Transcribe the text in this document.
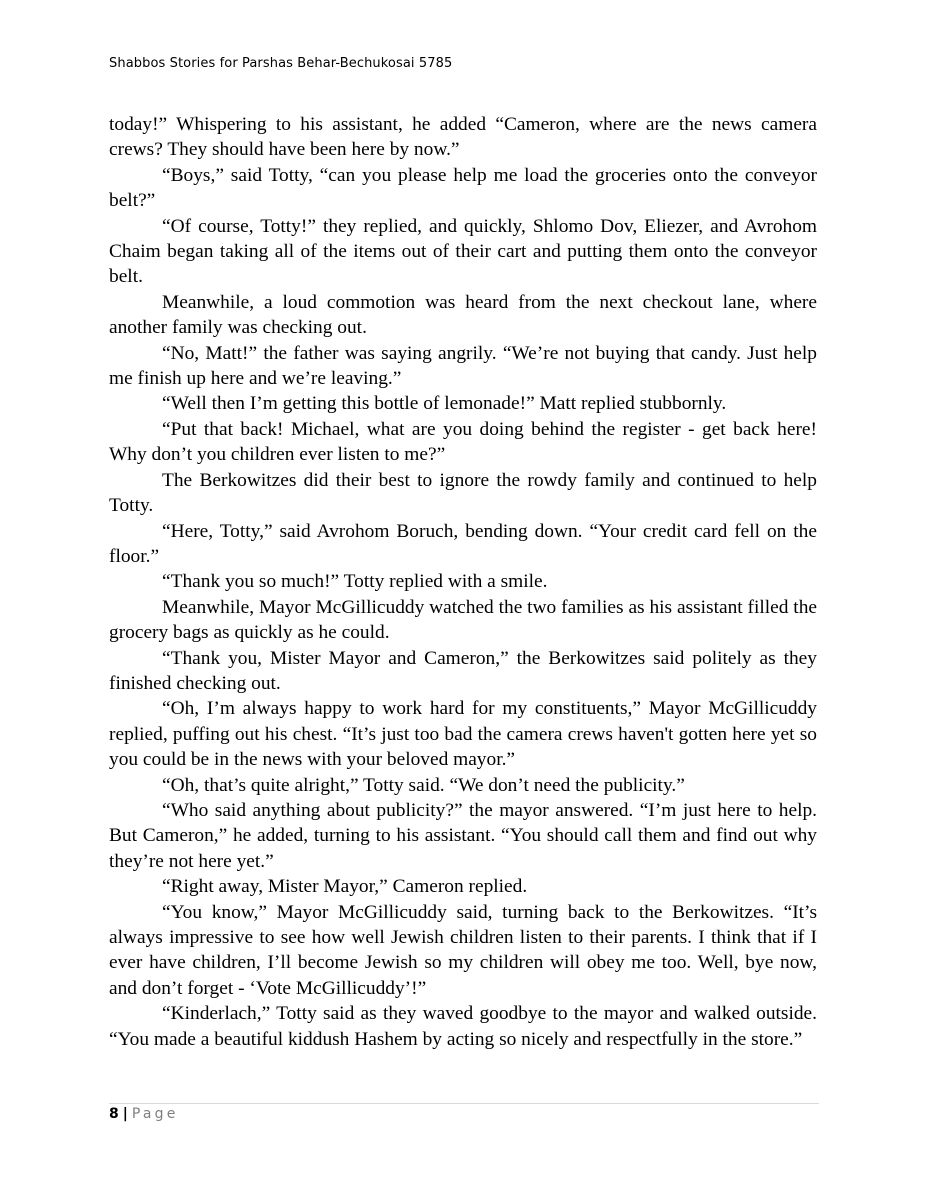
Shabbos Stories for Parshas Behar-Bechukosai 5785

today!” Whispering to his assistant, he added “Cameron, where are the news camera crews? They should have been here by now.”

“Boys,” said Totty, “can you please help me load the groceries onto the conveyor belt?”

“Of course, Totty!” they replied, and quickly, Shlomo Dov, Eliezer, and Avrohom Chaim began taking all of the items out of their cart and putting them onto the conveyor belt.

Meanwhile, a loud commotion was heard from the next checkout lane, where another family was checking out.

“No, Matt!” the father was saying angrily. “We’re not buying that candy. Just help me finish up here and we’re leaving.”

“Well then I’m getting this bottle of lemonade!” Matt replied stubbornly.

“Put that back! Michael, what are you doing behind the register - get back here! Why don’t you children ever listen to me?”

The Berkowitzes did their best to ignore the rowdy family and continued to help Totty.

“Here, Totty,” said Avrohom Boruch, bending down. “Your credit card fell on the floor.”

“Thank you so much!” Totty replied with a smile.

Meanwhile, Mayor McGillicuddy watched the two families as his assistant filled the grocery bags as quickly as he could.

“Thank you, Mister Mayor and Cameron,” the Berkowitzes said politely as they finished checking out.

“Oh, I’m always happy to work hard for my constituents,” Mayor McGillicuddy replied, puffing out his chest. “It’s just too bad the camera crews haven't gotten here yet so you could be in the news with your beloved mayor.”

“Oh, that’s quite alright,” Totty said. “We don’t need the publicity.”

“Who said anything about publicity?” the mayor answered. “I’m just here to help. But Cameron,” he added, turning to his assistant. “You should call them and find out why they’re not here yet.”

“Right away, Mister Mayor,” Cameron replied.

“You know,” Mayor McGillicuddy said, turning back to the Berkowitzes. “It’s always impressive to see how well Jewish children listen to their parents. I think that if I ever have children, I’ll become Jewish so my children will obey me too. Well, bye now, and don’t forget - ‘Vote McGillicuddy’!”

“Kinderlach,” Totty said as they waved goodbye to the mayor and walked outside. “You made a beautiful kiddush Hashem by acting so nicely and respectfully in the store.”

8 | Page
